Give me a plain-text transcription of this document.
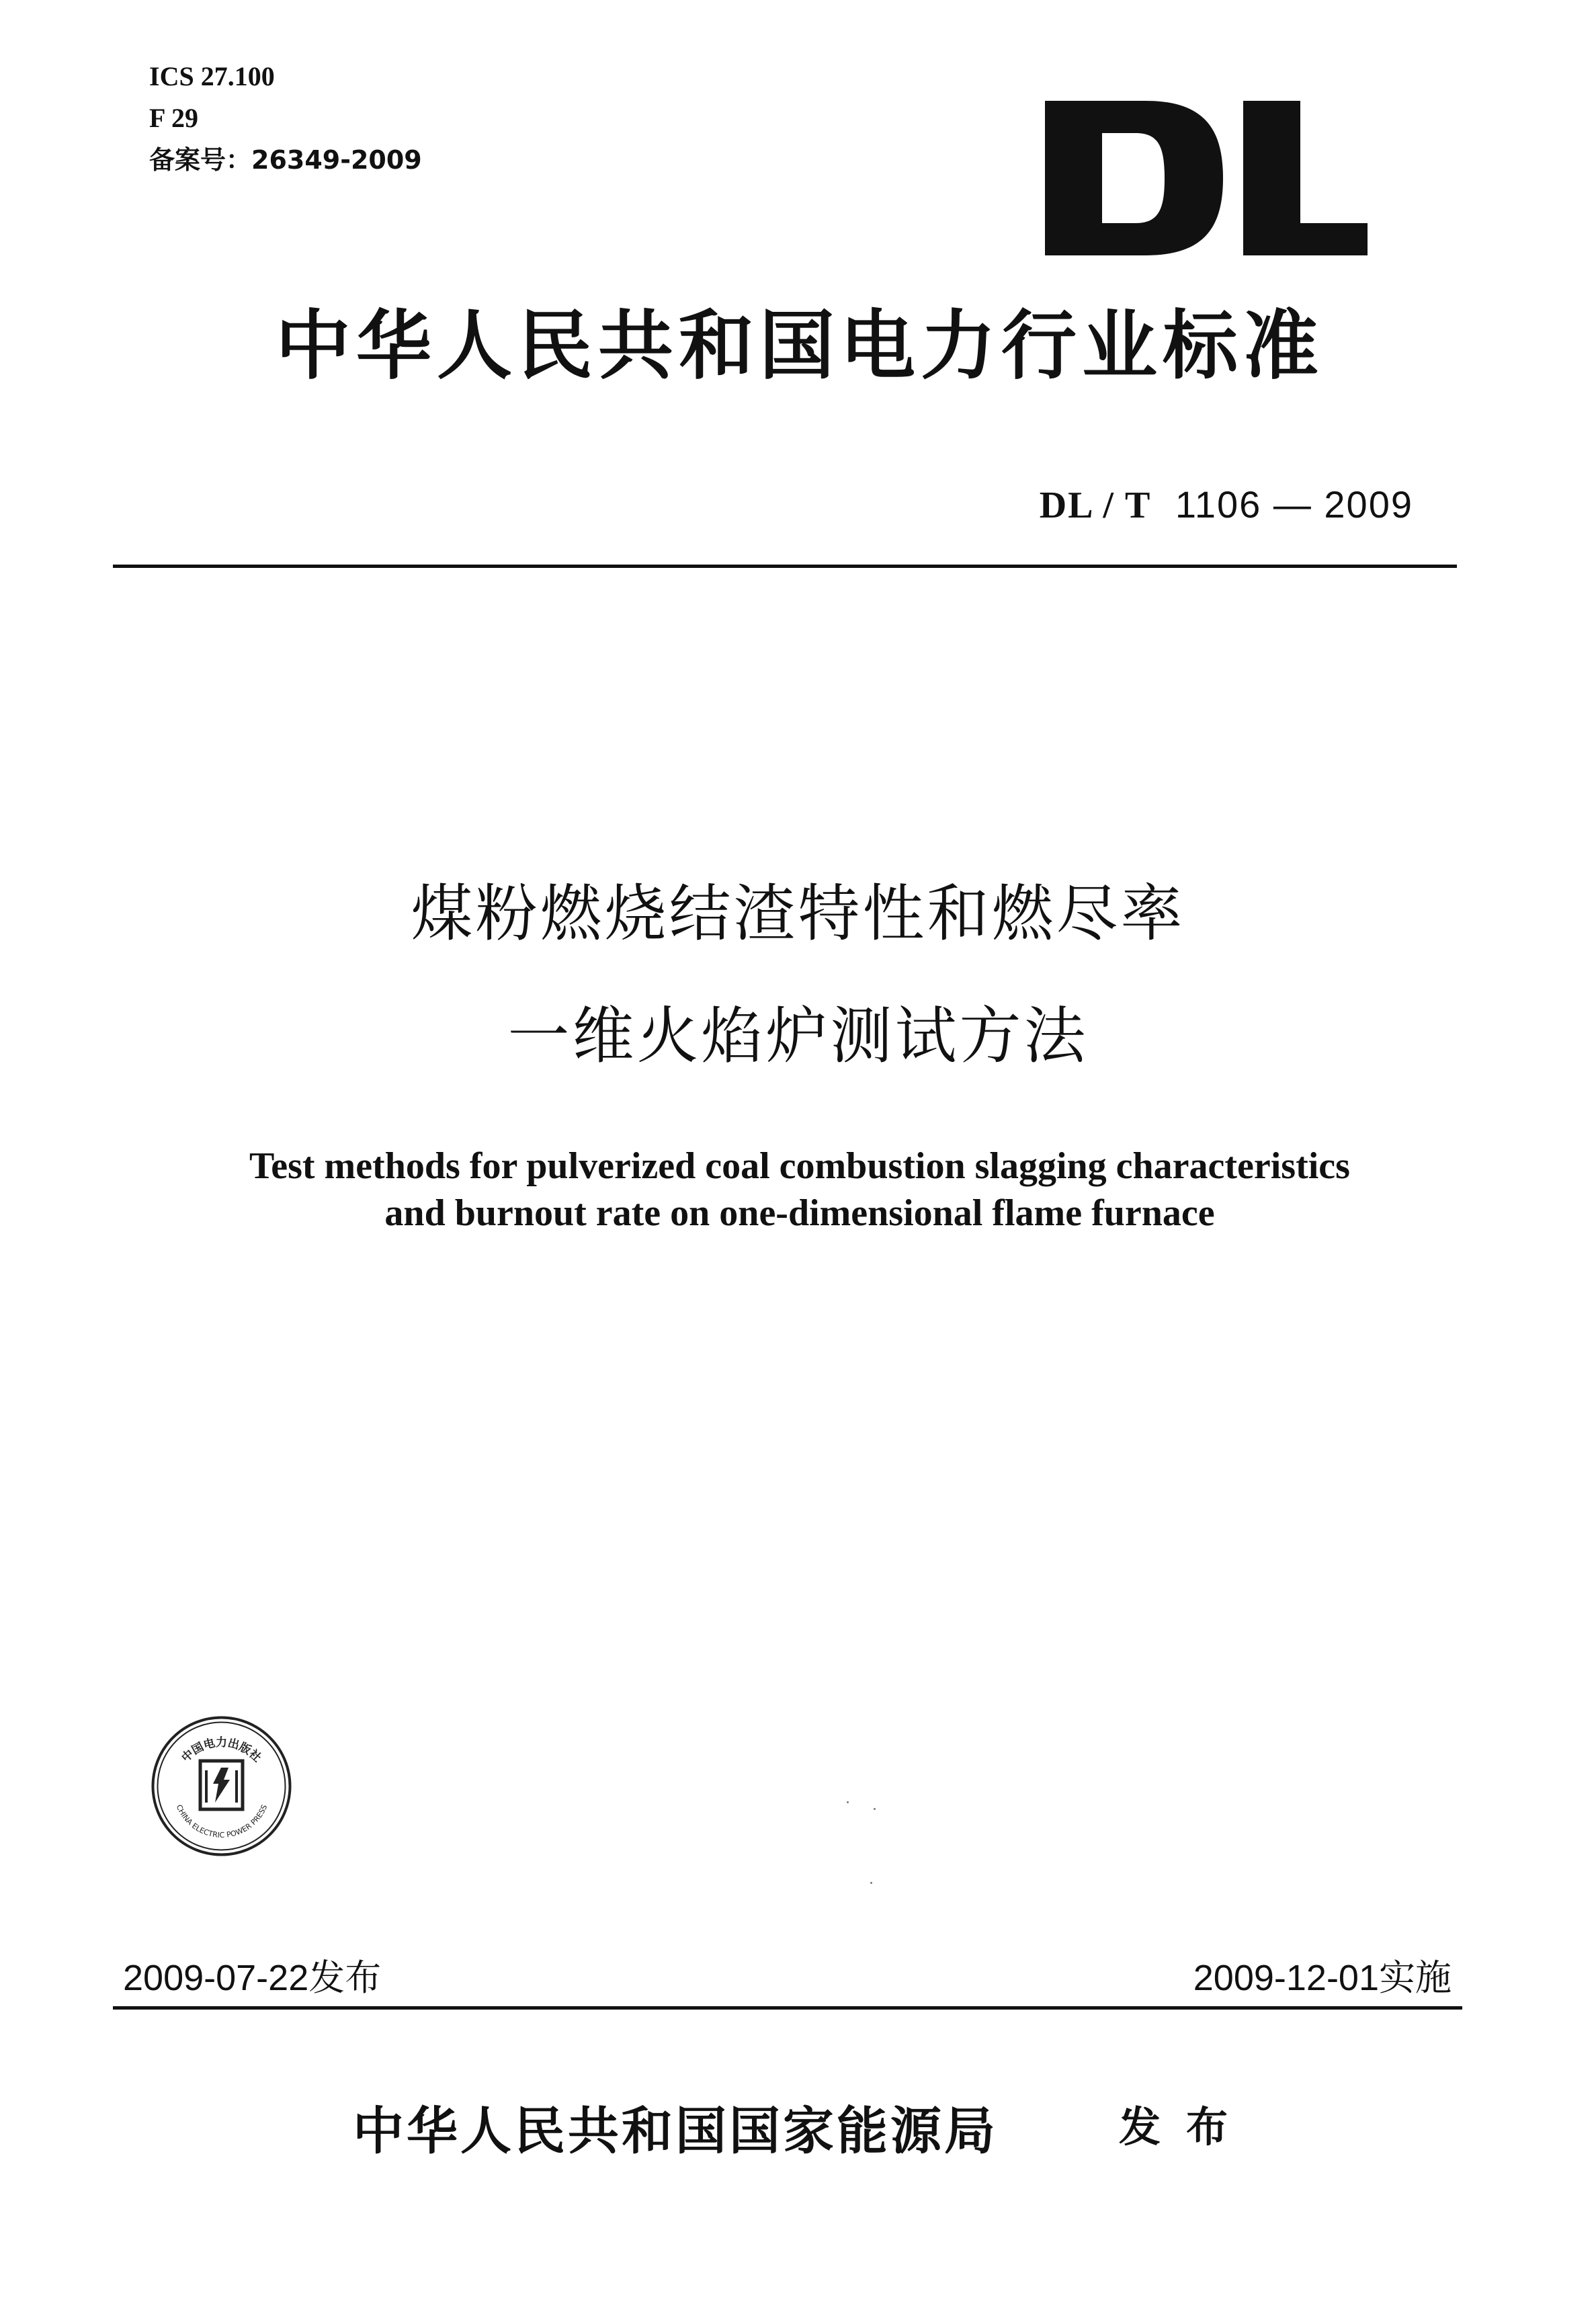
ICS 27.100
F 29
备案号：26349-2009
中华人民共和国电力行业标准
DL / T 1106 — 2009
煤粉燃烧结渣特性和燃尽率
一维火焰炉测试方法
Test methods for pulverized coal combustion slagging characteristics
and burnout rate on one-dimensional flame furnace
中国电力出版社
CHINA ELECTRIC POWER PRESS
2009-07-22发布	2009-12-01实施
中华人民共和国国家能源局	发布
